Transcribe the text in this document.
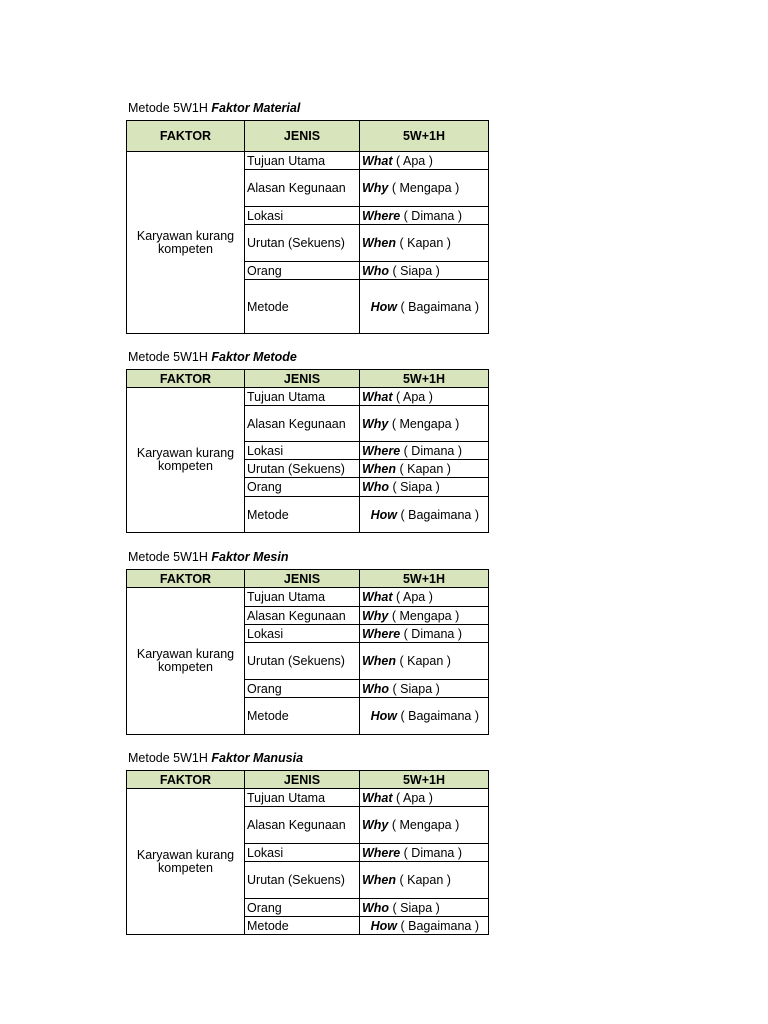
Metode 5W1H Faktor Material
FAKTOR	JENIS	5W+1H
Karyawan kurang kompeten	Tujuan Utama	What ( Apa )
	Alasan Kegunaan	Why ( Mengapa )
	Lokasi	Where ( Dimana )
	Urutan (Sekuens)	When ( Kapan )
	Orang	Who ( Siapa )
	Metode	How ( Bagaimana )
Metode 5W1H Faktor Metode
FAKTOR	JENIS	5W+1H
Karyawan kurang kompeten	Tujuan Utama	What ( Apa )
	Alasan Kegunaan	Why ( Mengapa )
	Lokasi	Where ( Dimana )
	Urutan (Sekuens)	When ( Kapan )
	Orang	Who ( Siapa )
	Metode	How ( Bagaimana )
Metode 5W1H Faktor Mesin
FAKTOR	JENIS	5W+1H
Karyawan kurang kompeten	Tujuan Utama	What ( Apa )
	Alasan Kegunaan	Why ( Mengapa )
	Lokasi	Where ( Dimana )
	Urutan (Sekuens)	When ( Kapan )
	Orang	Who ( Siapa )
	Metode	How ( Bagaimana )
Metode 5W1H Faktor Manusia
FAKTOR	JENIS	5W+1H
Karyawan kurang kompeten	Tujuan Utama	What ( Apa )
	Alasan Kegunaan	Why ( Mengapa )
	Lokasi	Where ( Dimana )
	Urutan (Sekuens)	When ( Kapan )
	Orang	Who ( Siapa )
	Metode	How ( Bagaimana )
